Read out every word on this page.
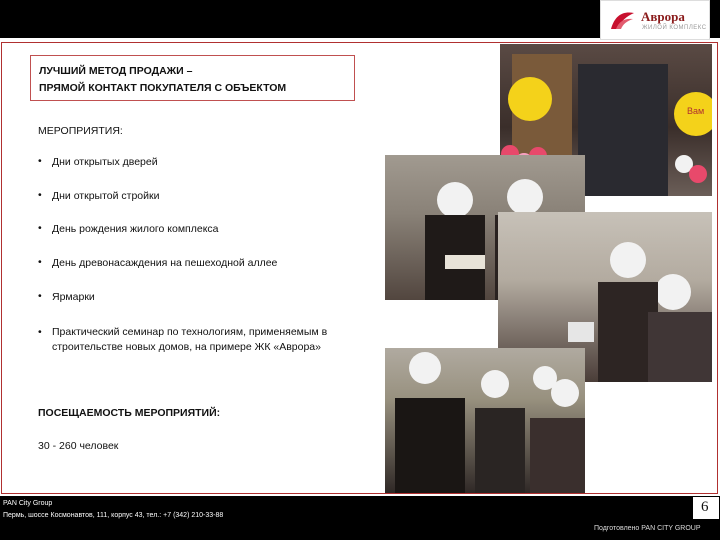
Аврора
ЖИЛОЙ КОМПЛЕКС
ЛУЧШИЙ МЕТОД ПРОДАЖИ –
ПРЯМОЙ КОНТАКТ ПОКУПАТЕЛЯ С ОБЪЕКТОМ
МЕРОПРИЯТИЯ:
• Дни открытых дверей
• Дни открытой стройки
• День рождения жилого комплекса
• День древонасаждения на пешеходной аллее
• Ярмарки
• Практический семинар по технологиям, применяемым в строительстве новых домов, на примере ЖК «Аврора»
ПОСЕЩАЕМОСТЬ МЕРОПРИЯТИЙ:
30 - 260 человек
Вам
PAN City Group
Пермь, шоссе Космонавтов, 111, корпус 43, тел.: +7 (342) 210-33-88
6
Подготовлено PAN CITY GROUP
